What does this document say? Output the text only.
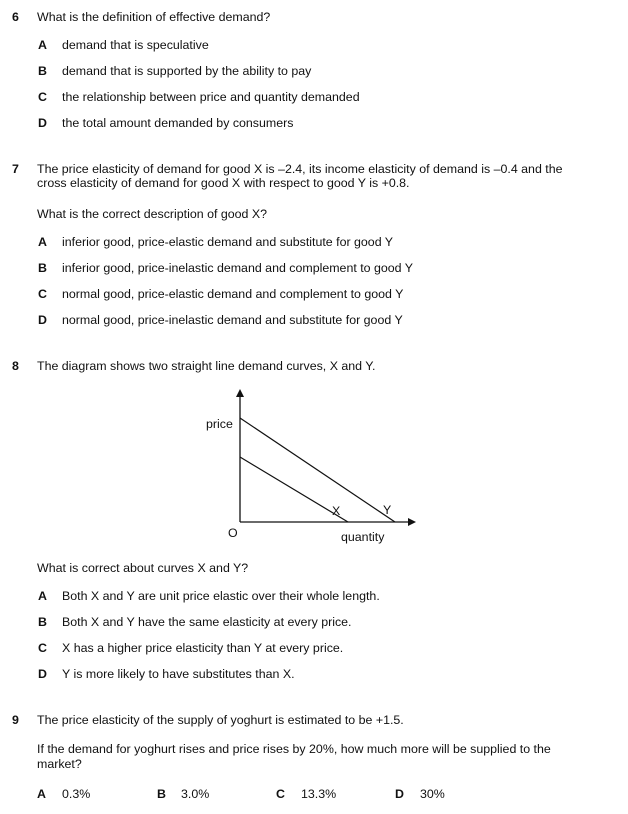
6 What is the definition of effective demand?
A demand that is speculative
B demand that is supported by the ability to pay
C the relationship between price and quantity demanded
D the total amount demanded by consumers
7 The price elasticity of demand for good X is –2.4, its income elasticity of demand is –0.4 and the
cross elasticity of demand for good X with respect to good Y is +0.8.
What is the correct description of good X?
A inferior good, price-elastic demand and substitute for good Y
B inferior good, price-inelastic demand and complement to good Y
C normal good, price-elastic demand and complement to good Y
D normal good, price-inelastic demand and substitute for good Y
8 The diagram shows two straight line demand curves, X and Y.
price
O
X	Y
quantity
What is correct about curves X and Y?
A Both X and Y are unit price elastic over their whole length.
B Both X and Y have the same elasticity at every price.
C X has a higher price elasticity than Y at every price.
D Y is more likely to have substitutes than X.
9 The price elasticity of the supply of yoghurt is estimated to be +1.5.
If the demand for yoghurt rises and price rises by 20%, how much more will be supplied to the
market?
A 0.3%	B 3.0%	C 13.3%	D 30%
